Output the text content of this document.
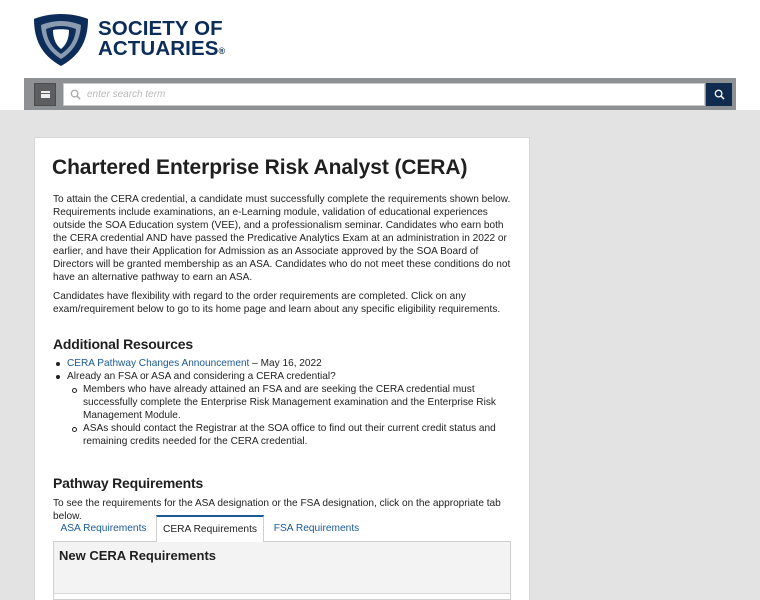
SOCIETY OF
ACTUARIES®
enter search term
Chartered Enterprise Risk Analyst (CERA)

To attain the CERA credential, a candidate must successfully complete the requirements shown below. Requirements include examinations, an e-Learning module, validation of educational experiences outside the SOA Education system (VEE), and a professionalism seminar. Candidates who earn both the CERA credential AND have passed the Predicative Analytics Exam at an administration in 2022 or earlier, and have their Application for Admission as an Associate approved by the SOA Board of Directors will be granted membership as an ASA. Candidates who do not meet these conditions do not have an alternative pathway to earn an ASA.

Candidates have flexibility with regard to the order requirements are completed. Click on any exam/requirement below to go to its home page and learn about any specific eligibility requirements.

Additional Resources
CERA Pathway Changes Announcement – May 16, 2022
Already an FSA or ASA and considering a CERA credential?
Members who have already attained an FSA and are seeking the CERA credential must successfully complete the Enterprise Risk Management examination and the Enterprise Risk Management Module.
ASAs should contact the Registrar at the SOA office to find out their current credit status and remaining credits needed for the CERA credential.
Pathway Requirements

To see the requirements for the ASA designation or the FSA designation, click on the appropriate tab below.

ASA Requirements	CERA Requirements	FSA Requirements
New CERA Requirements
